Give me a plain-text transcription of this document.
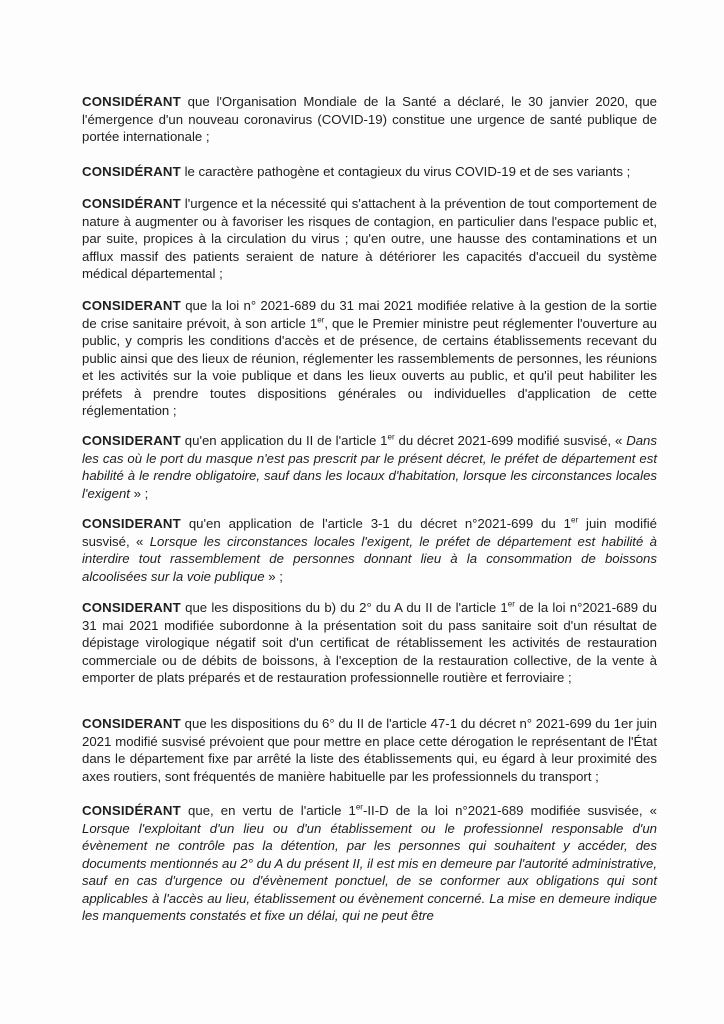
CONSIDÉRANT que l'Organisation Mondiale de la Santé a déclaré, le 30 janvier 2020, que l'émergence d'un nouveau coronavirus (COVID-19) constitue une urgence de santé publique de portée internationale ;

CONSIDÉRANT le caractère pathogène et contagieux du virus COVID-19 et de ses variants ;

CONSIDÉRANT l'urgence et la nécessité qui s'attachent à la prévention de tout comportement de nature à augmenter ou à favoriser les risques de contagion, en particulier dans l'espace public et, par suite, propices à la circulation du virus ; qu'en outre, une hausse des contaminations et un afflux massif des patients seraient de nature à détériorer les capacités d'accueil du système médical départemental ;

CONSIDERANT que la loi n° 2021-689 du 31 mai 2021 modifiée relative à la gestion de la sortie de crise sanitaire prévoit, à son article 1er, que le Premier ministre peut réglementer l'ouverture au public, y compris les conditions d'accès et de présence, de certains établissements recevant du public ainsi que des lieux de réunion, réglementer les rassemblements de personnes, les réunions et les activités sur la voie publique et dans les lieux ouverts au public, et qu'il peut habiliter les préfets à prendre toutes dispositions générales ou individuelles d'application de cette réglementation ;

CONSIDERANT qu'en application du II de l'article 1er du décret 2021-699 modifié susvisé, « Dans les cas où le port du masque n'est pas prescrit par le présent décret, le préfet de département est habilité à le rendre obligatoire, sauf dans les locaux d'habitation, lorsque les circonstances locales l'exigent » ;

CONSIDERANT qu'en application de l'article 3-1 du décret n°2021-699 du 1er juin modifié susvisé, « Lorsque les circonstances locales l'exigent, le préfet de département est habilité à interdire tout rassemblement de personnes donnant lieu à la consommation de boissons alcoolisées sur la voie publique » ;

CONSIDERANT que les dispositions du b) du 2° du A du II de l'article 1er de la loi n°2021-689 du 31 mai 2021 modifiée subordonne à la présentation soit du pass sanitaire soit d'un résultat de dépistage virologique négatif soit d'un certificat de rétablissement les activités de restauration commerciale ou de débits de boissons, à l'exception de la restauration collective, de la vente à emporter de plats préparés et de restauration professionnelle routière et ferroviaire ;

CONSIDERANT que les dispositions du 6° du II de l'article 47-1 du décret n° 2021-699 du 1er juin 2021 modifié susvisé prévoient que pour mettre en place cette dérogation le représentant de l'État dans le département fixe par arrêté la liste des établissements qui, eu égard à leur proximité des axes routiers, sont fréquentés de manière habituelle par les professionnels du transport ;

CONSIDÉRANT que, en vertu de l'article 1er-II-D de la loi n°2021-689 modifiée susvisée, « Lorsque l'exploitant d'un lieu ou d'un établissement ou le professionnel responsable d'un évènement ne contrôle pas la détention, par les personnes qui souhaitent y accéder, des documents mentionnés au 2° du A du présent II, il est mis en demeure par l'autorité administrative, sauf en cas d'urgence ou d'évènement ponctuel, de se conformer aux obligations qui sont applicables à l'accès au lieu, établissement ou évènement concerné. La mise en demeure indique les manquements constatés et fixe un délai, qui ne peut être
